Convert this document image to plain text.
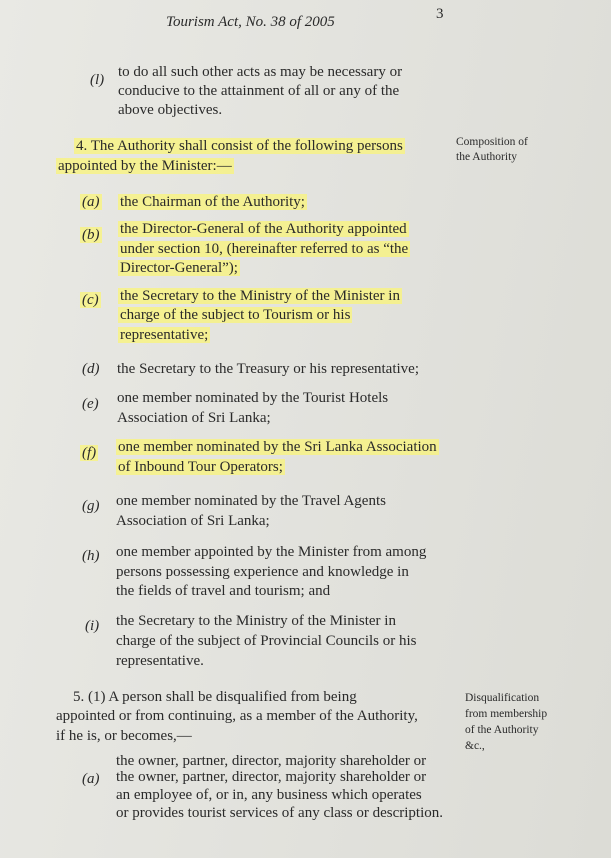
Tourism Act, No. 38 of 2005	3
(l) to do all such other acts as may be necessary or
conducive to the attainment of all or any of the
above objectives.
4. The Authority shall consist of the following persons
appointed by the Minister:—
Composition of
the Authority
(a) the Chairman of the Authority;
(b) the Director-General of the Authority appointed
under section 10, (hereinafter referred to as “the
Director-General”);
(c) the Secretary to the Ministry of the Minister in
charge of the subject to Tourism or his
representative;
(d) the Secretary to the Treasury or his representative;
(e) one member nominated by the Tourist Hotels
Association of Sri Lanka;
(f) one member nominated by the Sri Lanka Association
of Inbound Tour Operators;
(g) one member nominated by the Travel Agents
Association of Sri Lanka;
(h) one member appointed by the Minister from among
persons possessing experience and knowledge in
the fields of travel and tourism; and
(i) the Secretary to the Ministry of the Minister in
charge of the subject of Provincial Councils or his
representative.
5. (1) A person shall be disqualified from being
appointed or from continuing, as a member of the Authority,
if he is, or becomes,—
Disqualification
from membership
of the Authority
&c.,
the owner, partner, director, majority shareholder or
(a) the owner, partner, director, majority shareholder or
an employee of, or in, any business which operates
or provides tourist services of any class or description.
